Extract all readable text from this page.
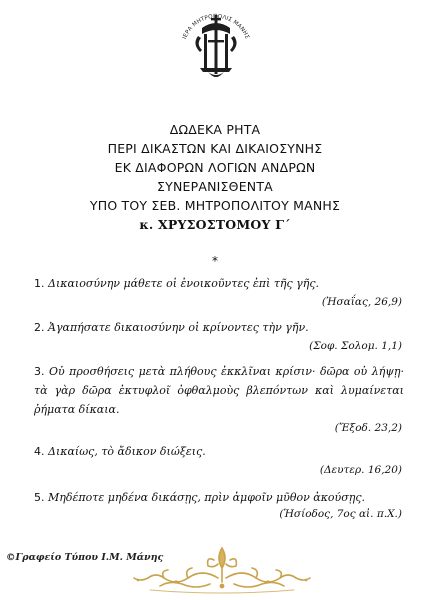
ΙΕΡΑ ΜΗΤΡΟΠΟΛΙΣ ΜΑΝΗΣ
ΔΩΔΕΚΑ ΡΗΤΑ
ΠΕΡΙ ΔΙΚΑΣΤΩΝ ΚΑΙ ΔΙΚΑΙΟΣΥΝΗΣ
ΕΚ ΔΙΑΦΟΡΩΝ ΛΟΓΙΩΝ ΑΝΔΡΩΝ
ΣΥΝΕΡΑΝΙΣΘΕΝΤΑ
ΥΠΟ ΤΟΥ ΣΕΒ. ΜΗΤΡΟΠΟΛΙΤΟΥ ΜΑΝΗΣ
κ. ΧΡΥΣΟΣΤΟΜΟΥ Γ΄
*
1. Δικαιοσύνην μάθετε οἱ ἐνοικοῦντες ἐπὶ τῆς γῆς.
(Ἠσαΐας, 26,9)
2. Ἀγαπήσατε δικαιοσύνην οἱ κρίνοντες τὴν γῆν.
(Σοφ. Σολομ. 1,1)
3. Οὐ προσθήσεις μετὰ πλήθους ἐκκλῖναι κρίσιν· δῶρα οὐ λήψῃ· τὰ γὰρ δῶρα ἐκτυφλοῖ ὀφθαλμοὺς βλεπόντων καὶ λυμαίνεται ῥήματα δίκαια.
(Ἔξοδ. 23,2)
4. Δικαίως, τὸ ἄδικον διώξεις.
(Δευτερ. 16,20)
5. Μηδέποτε μηδένα δικάσῃς, πρὶν ἀμφοῖν μῦθον ἀκούσῃς.
(Ἡσίοδος, 7ος αἰ. π.Χ.)
©Γραφείο Τύπου Ι.Μ. Μάνης
